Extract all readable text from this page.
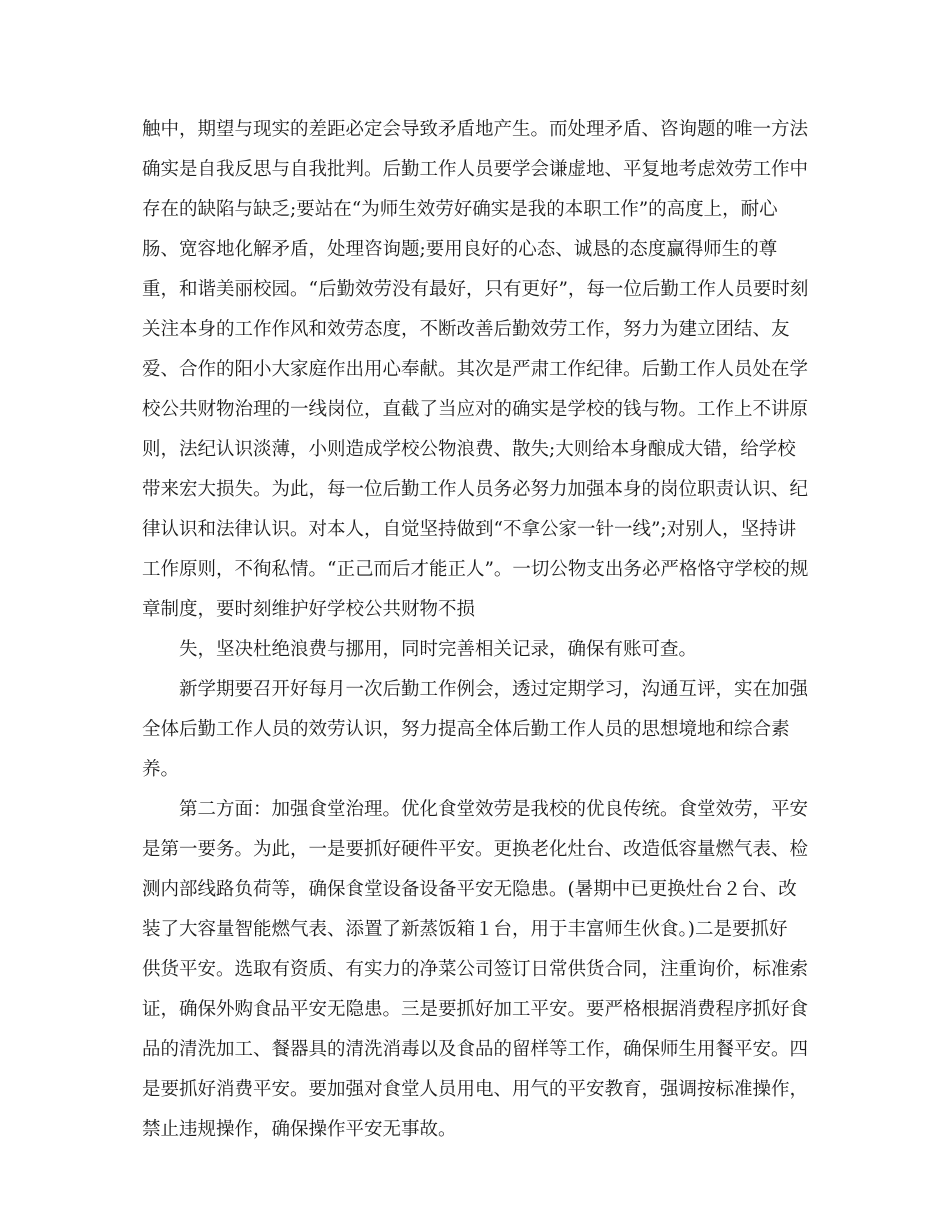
触中，期望与现实的差距必定会导致矛盾地产生。而处理矛盾、咨询题的唯一方法
确实是自我反思与自我批判。后勤工作人员要学会谦虚地、平复地考虑效劳工作中
存在的缺陷与缺乏;要站在“为师生效劳好确实是我的本职工作”的高度上，耐心
肠、宽容地化解矛盾，处理咨询题;要用良好的心态、诚恳的态度赢得师生的尊
重，和谐美丽校园。“后勤效劳没有最好，只有更好”，每一位后勤工作人员要时刻
关注本身的工作作风和效劳态度，不断改善后勤效劳工作，努力为建立团结、友
爱、合作的阳小大家庭作出用心奉献。其次是严肃工作纪律。后勤工作人员处在学
校公共财物治理的一线岗位，直截了当应对的确实是学校的钱与物。工作上不讲原
则，法纪认识淡薄，小则造成学校公物浪费、散失;大则给本身酿成大错，给学校
带来宏大损失。为此，每一位后勤工作人员务必努力加强本身的岗位职责认识、纪
律认识和法律认识。对本人，自觉坚持做到“不拿公家一针一线”;对别人，坚持讲
工作原则，不徇私情。“正己而后才能正人”。一切公物支出务必严格恪守学校的规
章制度，要时刻维护好学校公共财物不损
失，坚决杜绝浪费与挪用，同时完善相关记录，确保有账可查。
新学期要召开好每月一次后勤工作例会，透过定期学习，沟通互评，实在加强
全体后勤工作人员的效劳认识，努力提高全体后勤工作人员的思想境地和综合素
养。
第二方面：加强食堂治理。优化食堂效劳是我校的优良传统。食堂效劳，平安
是第一要务。为此，一是要抓好硬件平安。更换老化灶台、改造低容量燃气表、检
测内部线路负荷等，确保食堂设备设备平安无隐患。(暑期中已更换灶台２台、改
装了大容量智能燃气表、添置了新蒸饭箱１台，用于丰富师生伙食。)二是要抓好
供货平安。选取有资质、有实力的净菜公司签订日常供货合同，注重询价，标准索
证，确保外购食品平安无隐患。三是要抓好加工平安。要严格根据消费程序抓好食
品的清洗加工、餐器具的清洗消毒以及食品的留样等工作，确保师生用餐平安。四
是要抓好消费平安。要加强对食堂人员用电、用气的平安教育，强调按标准操作，
禁止违规操作，确保操作平安无事故。
